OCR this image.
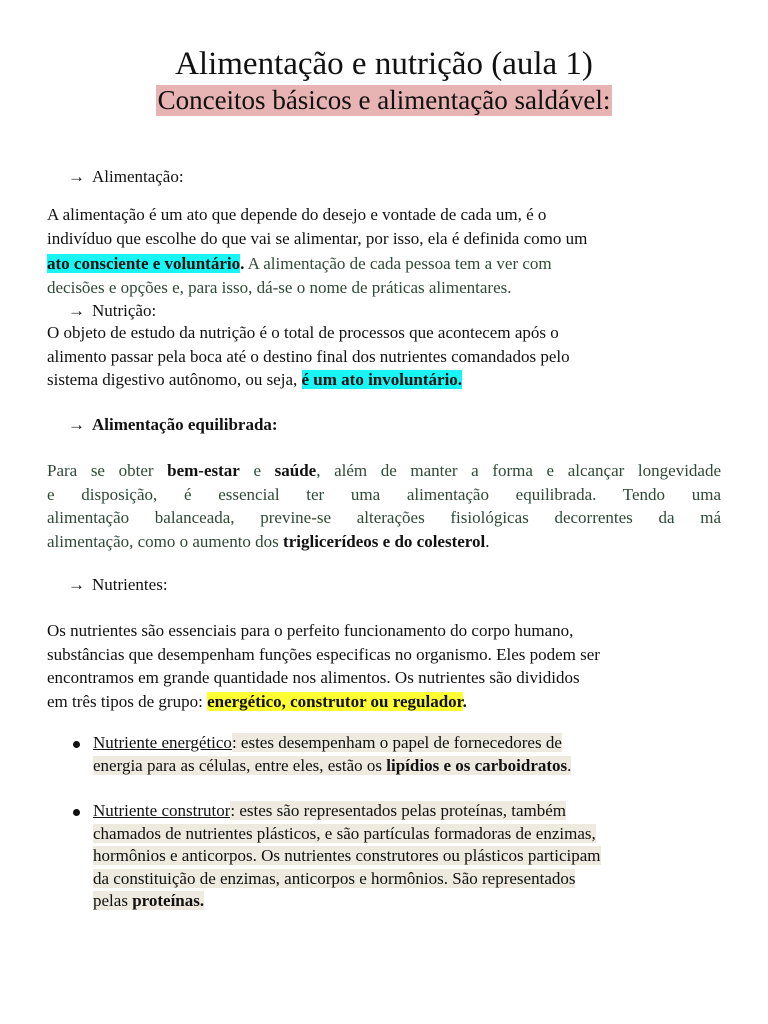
Alimentação e nutrição (aula 1)
Conceitos básicos e alimentação saldável:
→ Alimentação:
A alimentação é um ato que depende do desejo e vontade de cada um, é o
indivíduo que escolhe do que vai se alimentar, por isso, ela é definida como um
ato consciente e voluntário. A alimentação de cada pessoa tem a ver com
decisões e opções e, para isso, dá-se o nome de práticas alimentares.
→ Nutrição:
O objeto de estudo da nutrição é o total de processos que acontecem após o
alimento passar pela boca até o destino final dos nutrientes comandados pelo
sistema digestivo autônomo, ou seja, é um ato involuntário.
→ Alimentação equilibrada:
Para se obter bem-estar e saúde, além de manter a forma e alcançar longevidade
e disposição, é essencial ter uma alimentação equilibrada. Tendo uma
alimentação balanceada, previne-se alterações fisiológicas decorrentes da má
alimentação, como o aumento dos triglicerídeos e do colesterol.
→ Nutrientes:
Os nutrientes são essenciais para o perfeito funcionamento do corpo humano,
substâncias que desempenham funções especificas no organismo. Eles podem ser
encontramos em grande quantidade nos alimentos. Os nutrientes são divididos
em três tipos de grupo: energético, construtor ou regulador.
Nutriente energético: estes desempenham o papel de fornecedores de
energia para as células, entre eles, estão os lipídios e os carboidratos.
Nutriente construtor: estes são representados pelas proteínas, também
chamados de nutrientes plásticos, e são partículas formadoras de enzimas,
hormônios e anticorpos. Os nutrientes construtores ou plásticos participam
da constituição de enzimas, anticorpos e hormônios. São representados
pelas proteínas.
